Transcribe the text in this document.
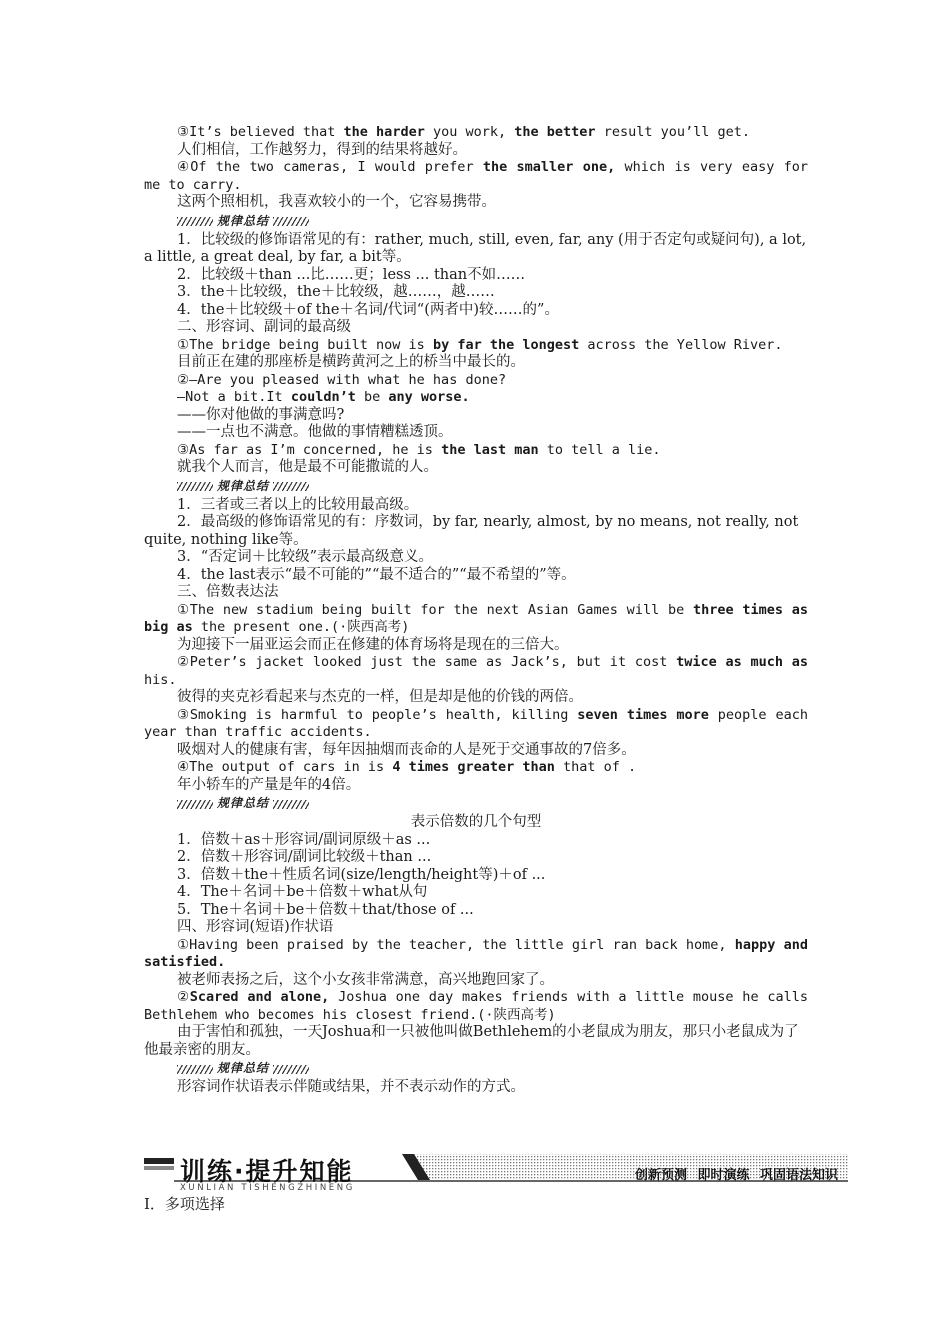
③It’s believed that the harder you work, the better result you’ll get.

人们相信，工作越努力，得到的结果将越好。

④Of the two cameras, I would prefer the smaller one, which is very easy for me to carry.

这两个照相机，我喜欢较小的一个，它容易携带。

规律总结

1．比较级的修饰语常见的有：rather, much, still, even, far, any (用于否定句或疑问句), a lot, a little, a great deal, by far, a bit等。

2．比较级＋than ...比……更；less ... than不如……

3．the＋比较级，the＋比较级，越……，越……

4．the＋比较级＋of the＋名词/代词“(两者中)较……的”。

二、形容词、副词的最高级

①The bridge being built now is by far the longest across the Yellow River.

目前正在建的那座桥是横跨黄河之上的桥当中最长的。

②—Are you pleased with what he has done?

—Not a bit.It couldn’t be any worse.

——你对他做的事满意吗?

——一点也不满意。他做的事情糟糕透顶。

③As far as I’m concerned, he is the last man to tell a lie.

就我个人而言，他是最不可能撒谎的人。

规律总结

1．三者或三者以上的比较用最高级。

2．最高级的修饰语常见的有：序数词，by far, nearly, almost, by no means, not really, not quite, nothing like等。

3．“否定词＋比较级”表示最高级意义。

4．the last表示“最不可能的”“最不适合的”“最不希望的”等。

三、倍数表达法

①The new stadium being built for the next Asian Games will be three times as big as the present one.(·陕西高考)

为迎接下一届亚运会而正在修建的体育场将是现在的三倍大。

②Peter’s jacket looked just the same as Jack’s, but it cost twice as much as his.

彼得的夹克衫看起来与杰克的一样，但是却是他的价钱的两倍。

③Smoking is harmful to people’s health, killing seven times more people each year than traffic accidents.

吸烟对人的健康有害，每年因抽烟而丧命的人是死于交通事故的7倍多。

④The output of cars in is 4 times greater than that of .

年小轿车的产量是年的4倍。

规律总结

表示倍数的几个句型

1．倍数＋as＋形容词/副词原级＋as ...

2．倍数＋形容词/副词比较级＋than ...

3．倍数＋the＋性质名词(size/length/height等)＋of ...

4．The＋名词＋be＋倍数＋what从句

5．The＋名词＋be＋倍数＋that/those of ...

四、形容词(短语)作状语

①Having been praised by the teacher, the little girl ran back home, happy and satisfied.

被老师表扬之后，这个小女孩非常满意，高兴地跑回家了。

②Scared and alone, Joshua one day makes friends with a little mouse he calls Bethlehem who becomes his closest friend.(·陕西高考)

由于害怕和孤独，一天Joshua和一只被他叫做Bethlehem的小老鼠成为朋友，那只小老鼠成为了他最亲密的朋友。

规律总结

形容词作状语表示伴随或结果，并不表示动作的方式。

训练·提升知能
XUNLIAN TISHENGZHINENG
创新预测 即时演练 巩固语法知识
Ⅰ．多项选择
